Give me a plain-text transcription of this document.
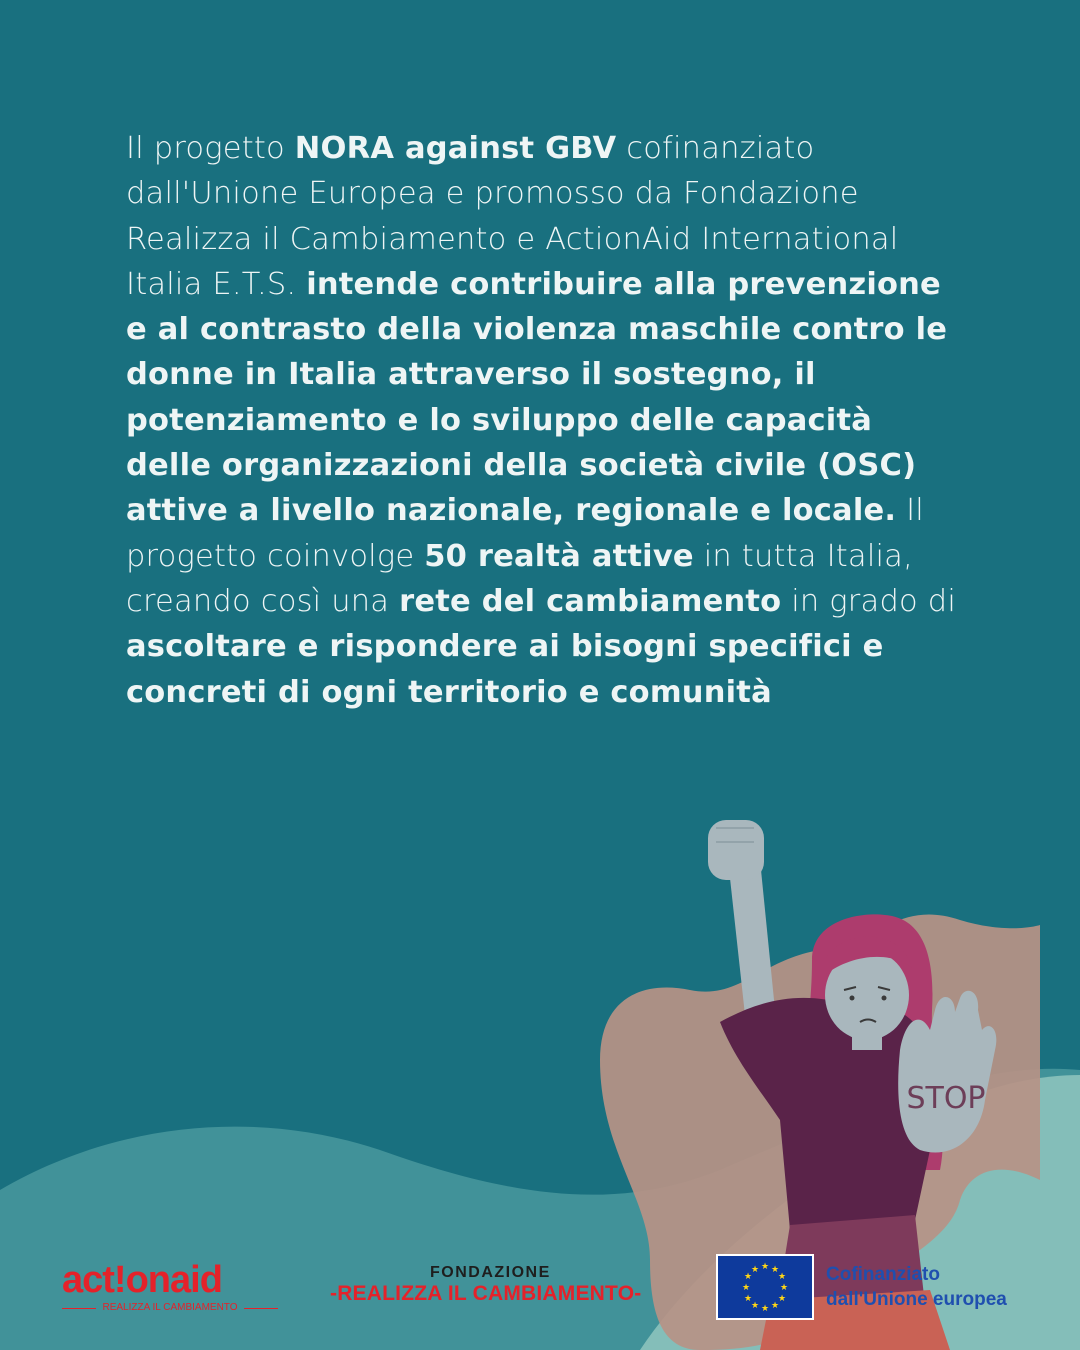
Il progetto NORA against GBV cofinanziato dall'Unione Europea e promosso da Fondazione Realizza il Cambiamento e ActionAid International Italia E.T.S. intende contribuire alla prevenzione e al contrasto della violenza maschile contro le donne in Italia attraverso il sostegno, il potenziamento e lo sviluppo delle capacità delle organizzazioni della società civile (OSC) attive a livello nazionale, regionale e locale. Il progetto coinvolge 50 realtà attive in tutta Italia, creando così una rete del cambiamento in grado di ascoltare e rispondere ai bisogni specifici e concreti di ogni territorio e comunità
STOP
act!onaid
REALIZZA IL CAMBIAMENTO
FONDAZIONE
-REALIZZA IL CAMBIAMENTO-
★ ★
★
★
★
★
★
★
★
★
★
★	Cofinanziato
dall'Unione europea
